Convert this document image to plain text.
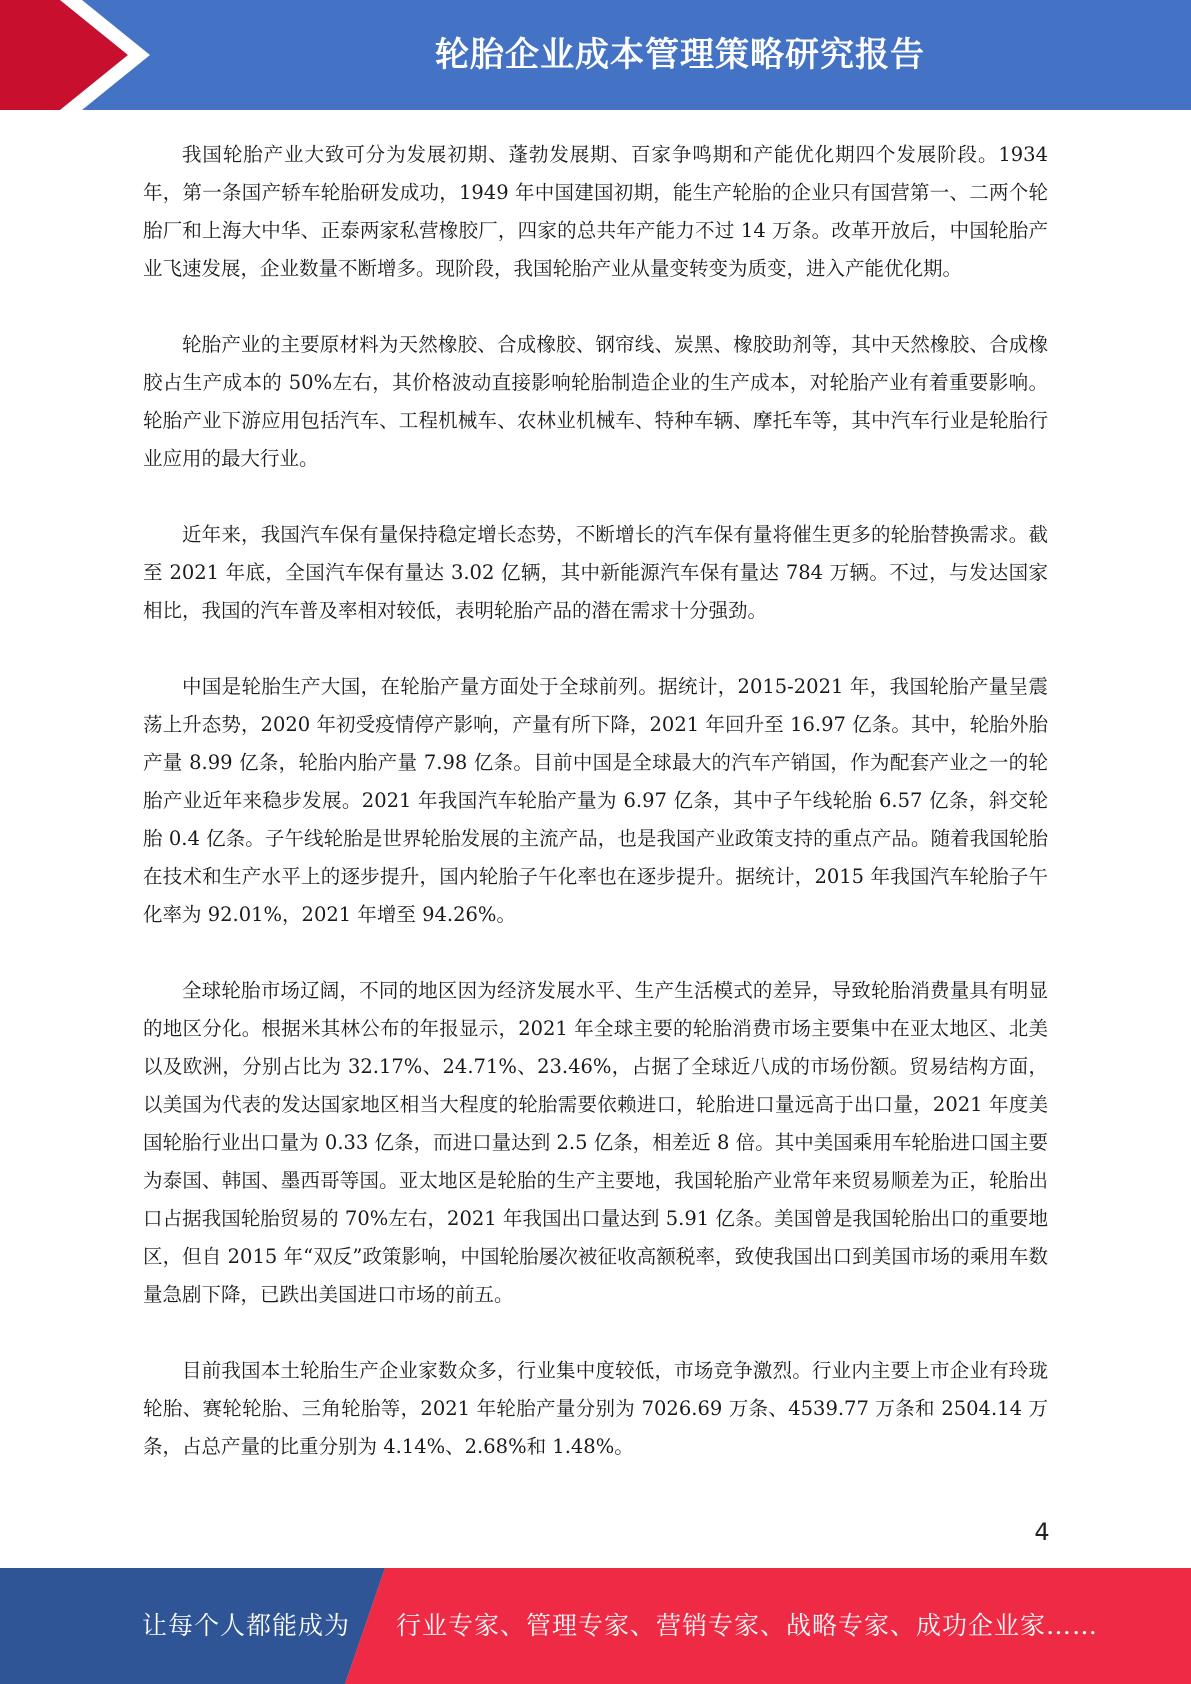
轮胎企业成本管理策略研究报告

我国轮胎产业大致可分为发展初期、蓬勃发展期、百家争鸣期和产能优化期四个发展阶段。1934 年，第一条国产轿车轮胎研发成功，1949 年中国建国初期，能生产轮胎的企业只有国营第一、二两个轮胎厂和上海大中华、正泰两家私营橡胶厂，四家的总共年产能力不过 14 万条。改革开放后，中国轮胎产业飞速发展，企业数量不断增多。现阶段，我国轮胎产业从量变转变为质变，进入产能优化期。

轮胎产业的主要原材料为天然橡胶、合成橡胶、钢帘线、炭黑、橡胶助剂等，其中天然橡胶、合成橡胶占生产成本的 50%左右，其价格波动直接影响轮胎制造企业的生产成本，对轮胎产业有着重要影响。轮胎产业下游应用包括汽车、工程机械车、农林业机械车、特种车辆、摩托车等，其中汽车行业是轮胎行业应用的最大行业。

近年来，我国汽车保有量保持稳定增长态势，不断增长的汽车保有量将催生更多的轮胎替换需求。截至 2021 年底，全国汽车保有量达 3.02 亿辆，其中新能源汽车保有量达 784 万辆。不过，与发达国家相比，我国的汽车普及率相对较低，表明轮胎产品的潜在需求十分强劲。

中国是轮胎生产大国，在轮胎产量方面处于全球前列。据统计，2015-2021 年，我国轮胎产量呈震荡上升态势，2020 年初受疫情停产影响，产量有所下降，2021 年回升至 16.97 亿条。其中，轮胎外胎产量 8.99 亿条，轮胎内胎产量 7.98 亿条。目前中国是全球最大的汽车产销国，作为配套产业之一的轮胎产业近年来稳步发展。2021 年我国汽车轮胎产量为 6.97 亿条，其中子午线轮胎 6.57 亿条，斜交轮胎 0.4 亿条。子午线轮胎是世界轮胎发展的主流产品，也是我国产业政策支持的重点产品。随着我国轮胎在技术和生产水平上的逐步提升，国内轮胎子午化率也在逐步提升。据统计，2015 年我国汽车轮胎子午化率为 92.01%，2021 年增至 94.26%。

全球轮胎市场辽阔，不同的地区因为经济发展水平、生产生活模式的差异，导致轮胎消费量具有明显的地区分化。根据米其林公布的年报显示，2021 年全球主要的轮胎消费市场主要集中在亚太地区、北美以及欧洲，分别占比为 32.17%、24.71%、23.46%，占据了全球近八成的市场份额。贸易结构方面，以美国为代表的发达国家地区相当大程度的轮胎需要依赖进口，轮胎进口量远高于出口量，2021 年度美国轮胎行业出口量为 0.33 亿条，而进口量达到 2.5 亿条，相差近 8 倍。其中美国乘用车轮胎进口国主要为泰国、韩国、墨西哥等国。亚太地区是轮胎的生产主要地，我国轮胎产业常年来贸易顺差为正，轮胎出口占据我国轮胎贸易的 70%左右，2021 年我国出口量达到 5.91 亿条。美国曾是我国轮胎出口的重要地区，但自 2015 年“双反”政策影响，中国轮胎屡次被征收高额税率，致使我国出口到美国市场的乘用车数量急剧下降，已跌出美国进口市场的前五。

目前我国本土轮胎生产企业家数众多，行业集中度较低，市场竞争激烈。行业内主要上市企业有玲珑轮胎、赛轮轮胎、三角轮胎等，2021 年轮胎产量分别为 7026.69 万条、4539.77 万条和 2504.14 万条，占总产量的比重分别为 4.14%、2.68%和 1.48%。

4
让每个人都能成为 行业专家、管理专家、营销专家、战略专家、成功企业家……
